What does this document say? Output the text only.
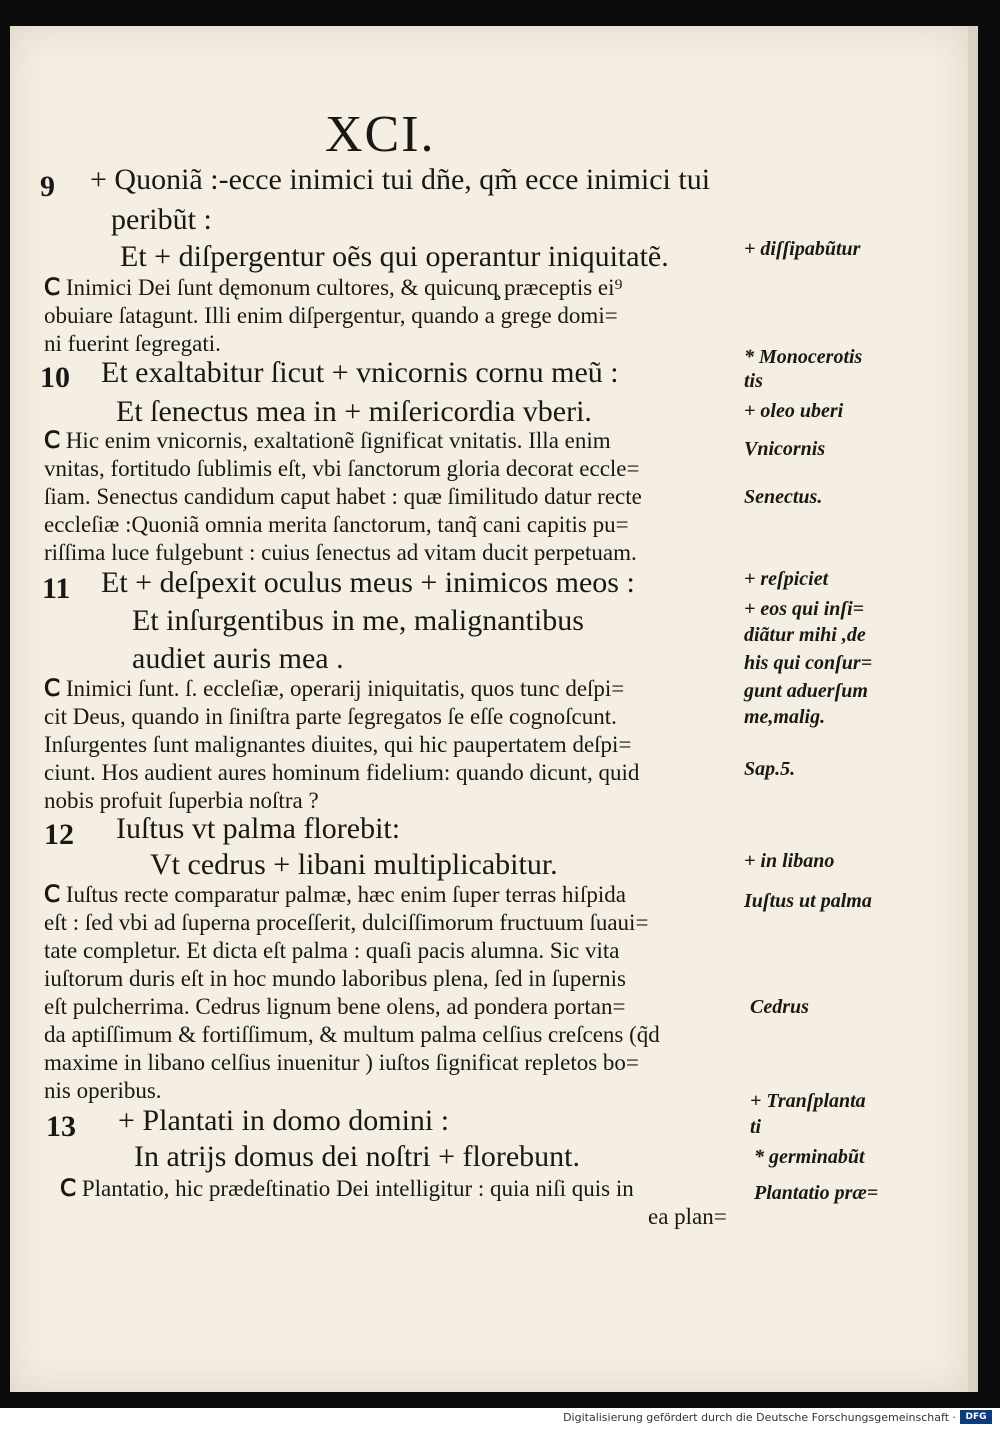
XCI.
9 + Quoniã :-ecce inimici tui dñe, qm̃ ecce inimici tui
peribũt :
Et + diſpergentur oẽs qui operantur iniquitatẽ.
Ⅽ Inimici Dei ſunt dęmonum cultores, & quicunq̧ præceptis ei⁹
obuiare ſatagunt. Illi enim diſpergentur, quando a grege domi=
ni fuerint ſegregati.
10 Et exaltabitur ſicut + vnicornis cornu meũ :
Et ſenectus mea in + miſericordia vberi.
Ⅽ Hic enim vnicornis, exaltationẽ ſignificat vnitatis. Illa enim
vnitas, fortitudo ſublimis eſt, vbi ſanctorum gloria decorat eccle=
ſiam. Senectus candidum caput habet : quæ ſimilitudo datur recte
eccleſiæ :Quoniã omnia merita ſanctorum, tanq̃ cani capitis pu=
riſſima luce fulgebunt : cuius ſenectus ad vitam ducit perpetuam.
11 Et + deſpexit oculus meus + inimicos meos :
Et inſurgentibus in me, malignantibus
audiet auris mea .
Ⅽ Inimici ſunt. ſ. eccleſiæ, operarij iniquitatis, quos tunc deſpi=
cit Deus, quando in ſiniſtra parte ſegregatos ſe eſſe cognoſcunt.
Inſurgentes ſunt malignantes diuites, qui hic paupertatem deſpi=
ciunt. Hos audient aures hominum fidelium: quando dicunt, quid
nobis profuit ſuperbia noſtra ?
12 Iuſtus vt palma florebit:
Vt cedrus + libani multiplicabitur.
Ⅽ Iuſtus recte comparatur palmæ, hæc enim ſuper terras hiſpida
eſt : ſed vbi ad ſuperna proceſſerit, dulciſſimorum fructuum ſuaui=
tate completur. Et dicta eſt palma : quaſi pacis alumna. Sic vita
iuſtorum duris eſt in hoc mundo laboribus plena, ſed in ſupernis
eſt pulcherrima. Cedrus lignum bene olens, ad pondera portan=
da aptiſſimum & fortiſſimum, & multum palma celſius creſcens (q̃d
maxime in libano celſius inuenitur ) iuſtos ſignificat repletos bo=
nis operibus.
13 + Plantati in domo domini :
In atrijs domus dei noſtri + florebunt.
Ⅽ Plantatio, hic prædeſtinatio Dei intelligitur : quia niſi quis in
ea plan=
+ diſſipabũtur
* Monocerotis
tis
+ oleo uberi
Vnicornis
Senectus.
+ reſpiciet
+ eos qui inſi=
diãtur mihi ,de
his qui conſur=
gunt aduerſum
me,malig.
Sap.5.
+ in libano
Iuſtus ut palma
Cedrus
+ Tranſplanta
ti
* germinabũt
Plantatio præ=
Digitalisierung gefördert durch die Deutsche Forschungsgemeinschaft ·	DFG
